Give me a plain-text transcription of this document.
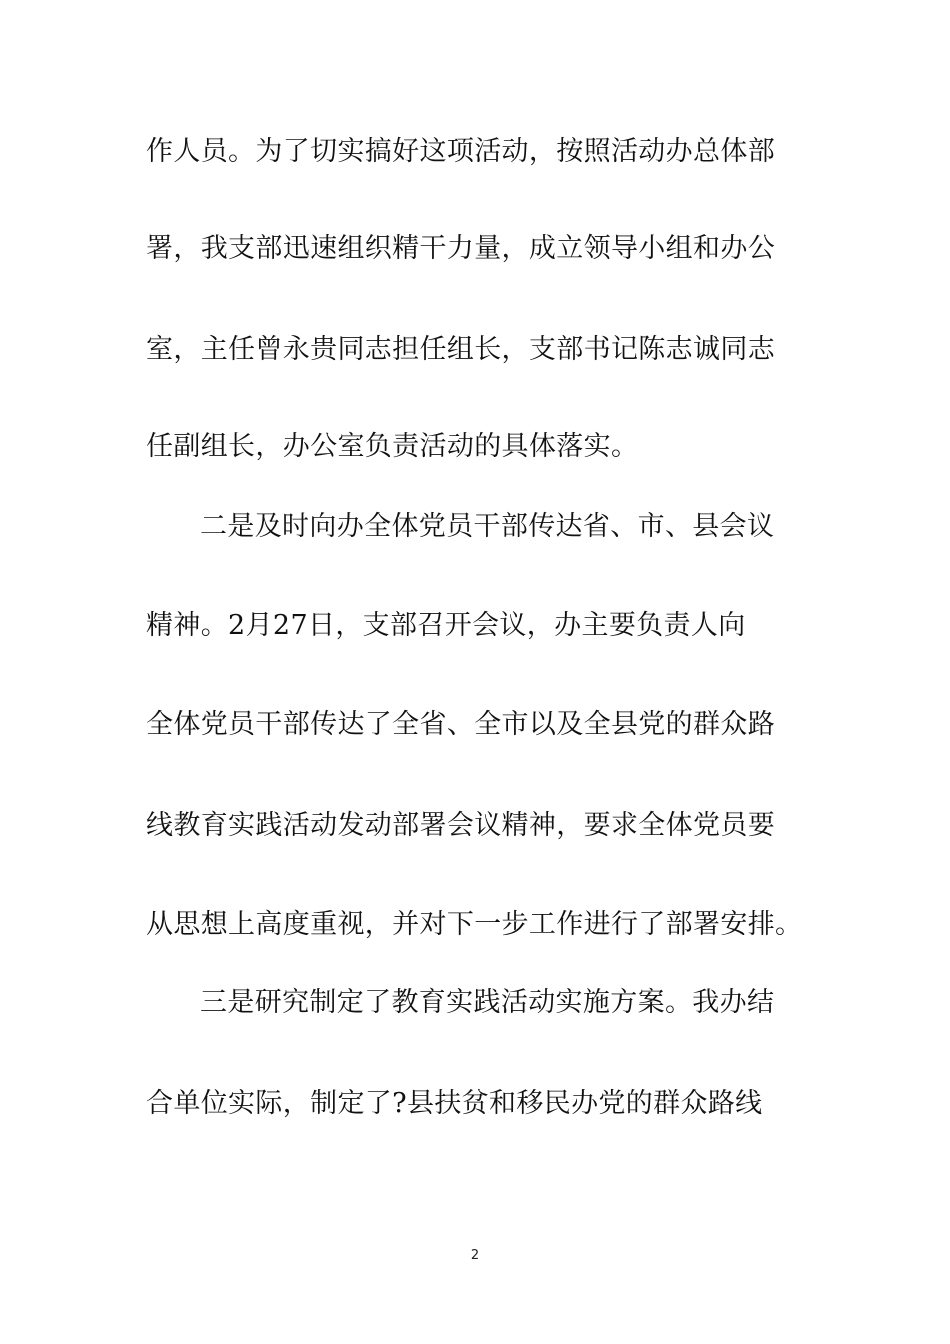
作人员。为了切实搞好这项活动，按照活动办总体部
署，我支部迅速组织精干力量，成立领导小组和办公
室，主任曾永贵同志担任组长，支部书记陈志诚同志
任副组长，办公室负责活动的具体落实。
二是及时向办全体党员干部传达省、市、县会议
精神。2月27日，支部召开会议，办主要负责人向
全体党员干部传达了全省、全市以及全县党的群众路
线教育实践活动发动部署会议精神，要求全体党员要
从思想上高度重视，并对下一步工作进行了部署安排。
三是研究制定了教育实践活动实施方案。我办结
合单位实际，制定了?县扶贫和移民办党的群众路线
2
